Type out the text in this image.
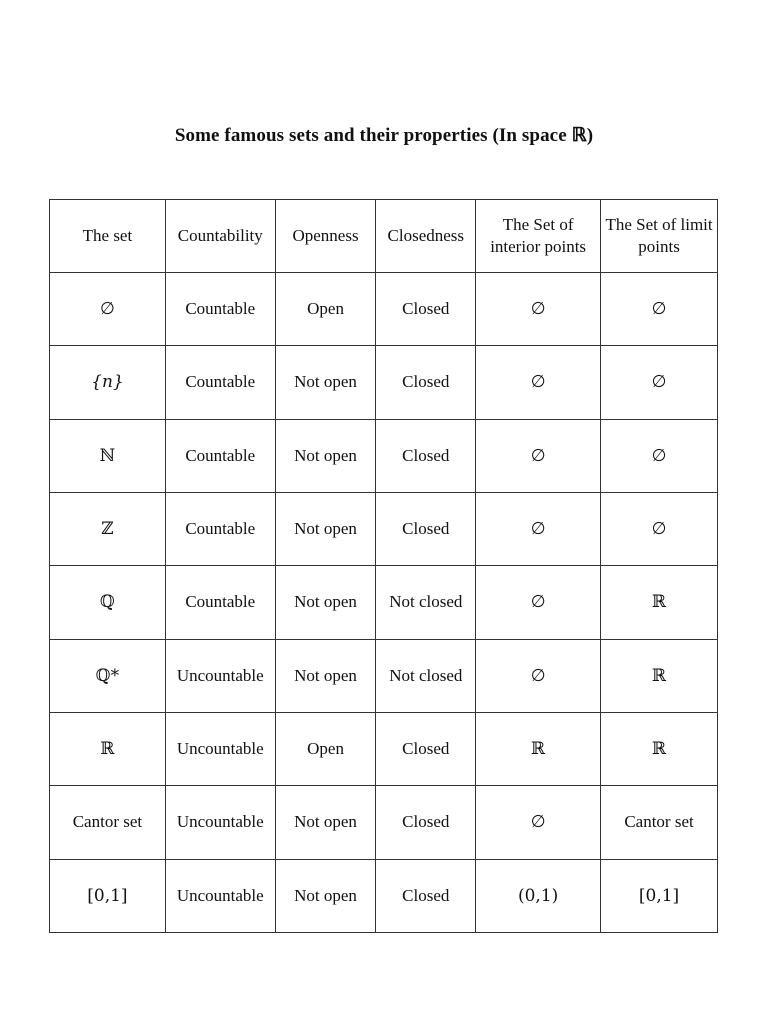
Some famous sets and their properties (In space ℝ)
The set	Countability	Openness	Closedness	The Set of interior points	The Set of limit points
∅	Countable	Open	Closed	∅	∅
{n}	Countable	Not open	Closed	∅	∅
ℕ	Countable	Not open	Closed	∅	∅
ℤ	Countable	Not open	Closed	∅	∅
ℚ	Countable	Not open	Not closed	∅	ℝ
ℚ*	Uncountable	Not open	Not closed	∅	ℝ
ℝ	Uncountable	Open	Closed	ℝ	ℝ
Cantor set	Uncountable	Not open	Closed	∅	Cantor set
[0,1]	Uncountable	Not open	Closed	(0,1)	[0,1]
